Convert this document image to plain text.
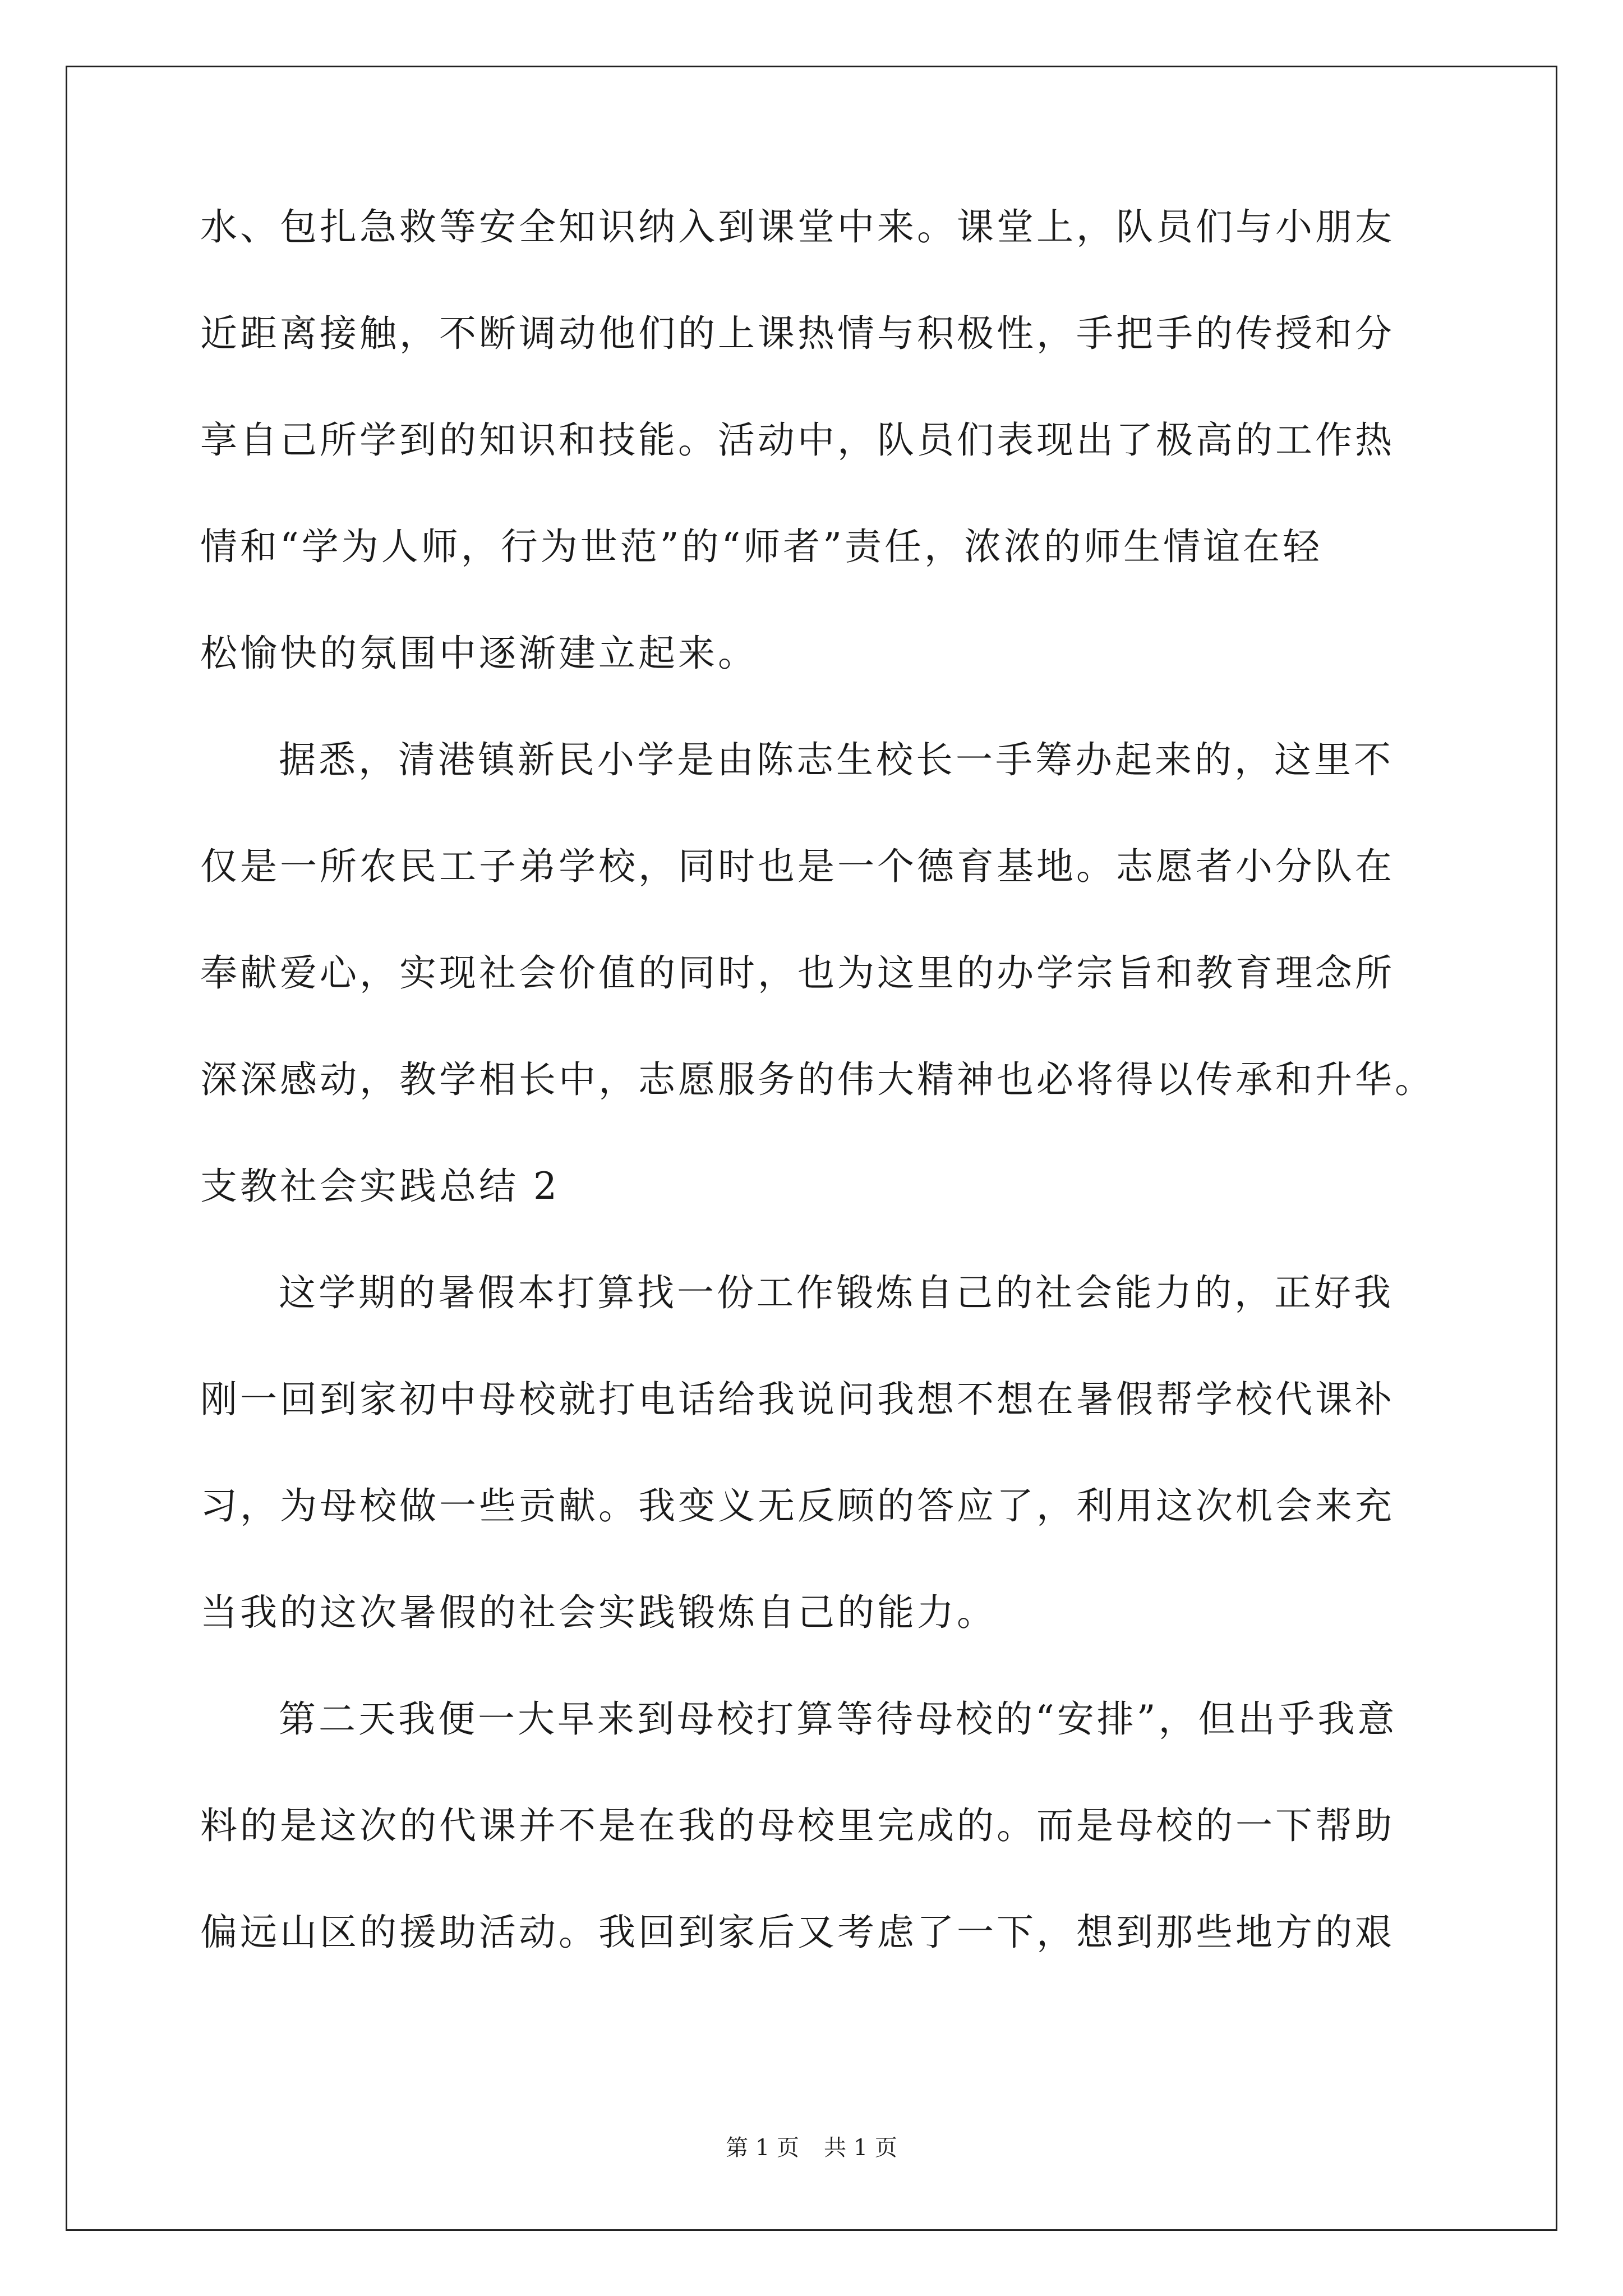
水、包扎急救等安全知识纳入到课堂中来。课堂上，队员们与小朋友
近距离接触，不断调动他们的上课热情与积极性，手把手的传授和分
享自己所学到的知识和技能。活动中，队员们表现出了极高的工作热
情和“学为人师，行为世范”的“师者”责任，浓浓的师生情谊在轻
松愉快的氛围中逐渐建立起来。
据悉，清港镇新民小学是由陈志生校长一手筹办起来的，这里不
仅是一所农民工子弟学校，同时也是一个德育基地。志愿者小分队在
奉献爱心，实现社会价值的同时，也为这里的办学宗旨和教育理念所
深深感动，教学相长中，志愿服务的伟大精神也必将得以传承和升华。
支教社会实践总结 2
这学期的暑假本打算找一份工作锻炼自己的社会能力的，正好我
刚一回到家初中母校就打电话给我说问我想不想在暑假帮学校代课补
习，为母校做一些贡献。我变义无反顾的答应了，利用这次机会来充
当我的这次暑假的社会实践锻炼自己的能力。
第二天我便一大早来到母校打算等待母校的“安排”，但出乎我意
料的是这次的代课并不是在我的母校里完成的。而是母校的一下帮助
偏远山区的援助活动。我回到家后又考虑了一下，想到那些地方的艰
第 1 页 共 1 页
